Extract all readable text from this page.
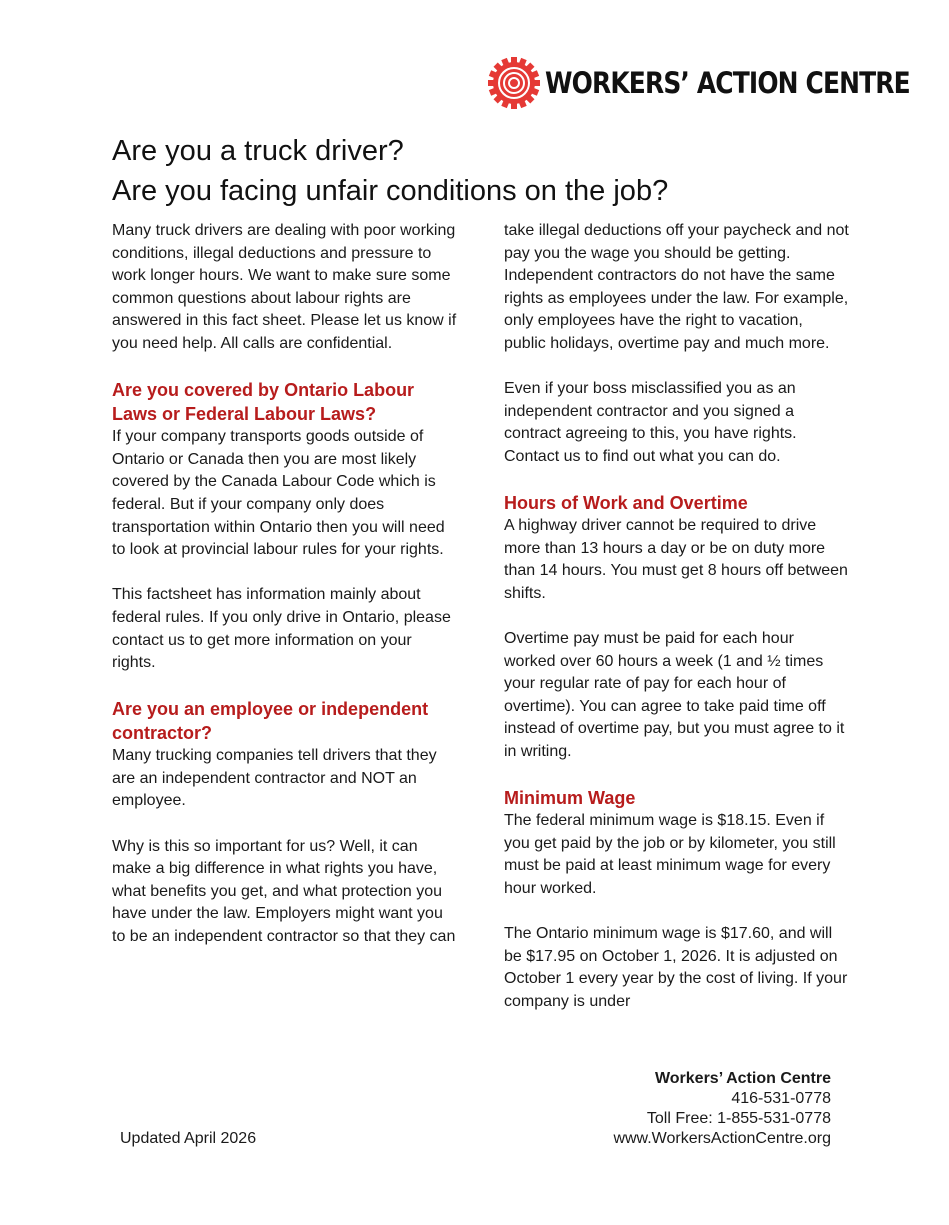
WORKERS’ ACTION CENTRE
Are you a truck driver?
Are you facing unfair conditions on the job?

Many truck drivers are dealing with poor working conditions, illegal deductions and pressure to work longer hours. We want to make sure some common questions about labour rights are answered in this fact sheet. Please let us know if you need help. All calls are confidential.

Are you covered by Ontario Labour Laws or Federal Labour Laws?

If your company transports goods outside of Ontario or Canada then you are most likely covered by the Canada Labour Code which is federal. But if your company only does transportation within Ontario then you will need to look at provincial labour rules for your rights.

This factsheet has information mainly about federal rules. If you only drive in Ontario, please contact us to get more information on your rights.

Are you an employee or independent contractor?

Many trucking companies tell drivers that they are an independent contractor and NOT an employee.

Why is this so important for us? Well, it can make a big difference in what rights you have, what benefits you get, and what protection you have under the law. Employers might want you to be an independent contractor so that they can

take illegal deductions off your paycheck and not pay you the wage you should be getting. Independent contractors do not have the same rights as employees under the law. For example, only employees have the right to vacation, public holidays, overtime pay and much more.

Even if your boss misclassified you as an independent contractor and you signed a contract agreeing to this, you have rights. Contact us to find out what you can do.

Hours of Work and Overtime

A highway driver cannot be required to drive more than 13 hours a day or be on duty more than 14 hours. You must get 8 hours off between shifts.

Overtime pay must be paid for each hour worked over 60 hours a week (1 and ½ times your regular rate of pay for each hour of overtime). You can agree to take paid time off instead of overtime pay, but you must agree to it in writing.

Minimum Wage

The federal minimum wage is $18.15. Even if you get paid by the job or by kilometer, you still must be paid at least minimum wage for every hour worked.

The Ontario minimum wage is $17.60, and will be $17.95 on October 1, 2026. It is adjusted on October 1 every year by the cost of living. If your company is under

Workers’ Action Centre
416-531-0778
Toll Free: 1-855-531-0778
www.WorkersActionCentre.org
Updated April 2026
